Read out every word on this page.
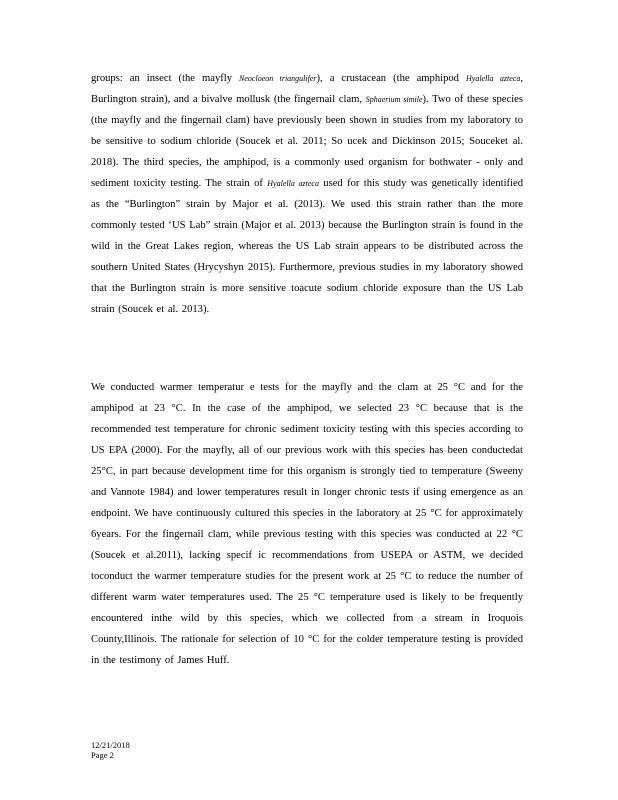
groups: an insect (the mayfly Neocloeon triangulifer), a crustacean (the amphipod Hyalella azteca, Burlington strain), and a bivalve mollusk (the fingernail clam, Sphaerium simile). Two of these species (the mayfly and the fingernail clam) have previously been shown in studies from my laboratory to be sensitive to sodium chloride (Soucek et al. 2011; So ucek and Dickinson 2015; Souceket al. 2018). The third species, the amphipod, is a commonly used organism for bothwater - only and sediment toxicity testing. The strain of Hyalella azteca used for this study was genetically identified as the “Burlington” strain by Major et al. (2013). We used this strain rather than the more commonly tested ‘US Lab” strain (Major et al. 2013) because the Burlington strain is found in the wild in the Great Lakes region, whereas the US Lab strain appears to be distributed across the southern United States (Hrycyshyn 2015). Furthermore, previous studies in my laboratory showed that the Burlington strain is more sensitive toacute sodium chloride exposure than the US Lab strain (Soucek et al. 2013).

We conducted warmer temperatur e tests for the mayfly and the clam at 25 °C and for the amphipod at 23 °C. In the case of the amphipod, we selected 23 °C because that is the recommended test temperature for chronic sediment toxicity testing with this species according to US EPA (2000). For the mayfly, all of our previous work with this species has been conductedat 25°C, in part because development time for this organism is strongly tied to temperature (Sweeny and Vannote 1984) and lower temperatures result in longer chronic tests if using emergence as an endpoint. We have continuously cultured this species in the laboratory at 25 °C for approximately 6years. For the fingernail clam, while previous testing with this species was conducted at 22 °C (Soucek et al.2011), lacking specif ic recommendations from USEPA or ASTM, we decided toconduct the warmer temperature studies for the present work at 25 °C to reduce the number of different warm water temperatures used. The 25 °C temperature used is likely to be frequently encountered inthe wild by this species, which we collected from a stream in Iroquois County,Illinois. The rationale for selection of 10 °C for the colder temperature testing is provided in the testimony of James Huff.

12/21/2018
Page 2
